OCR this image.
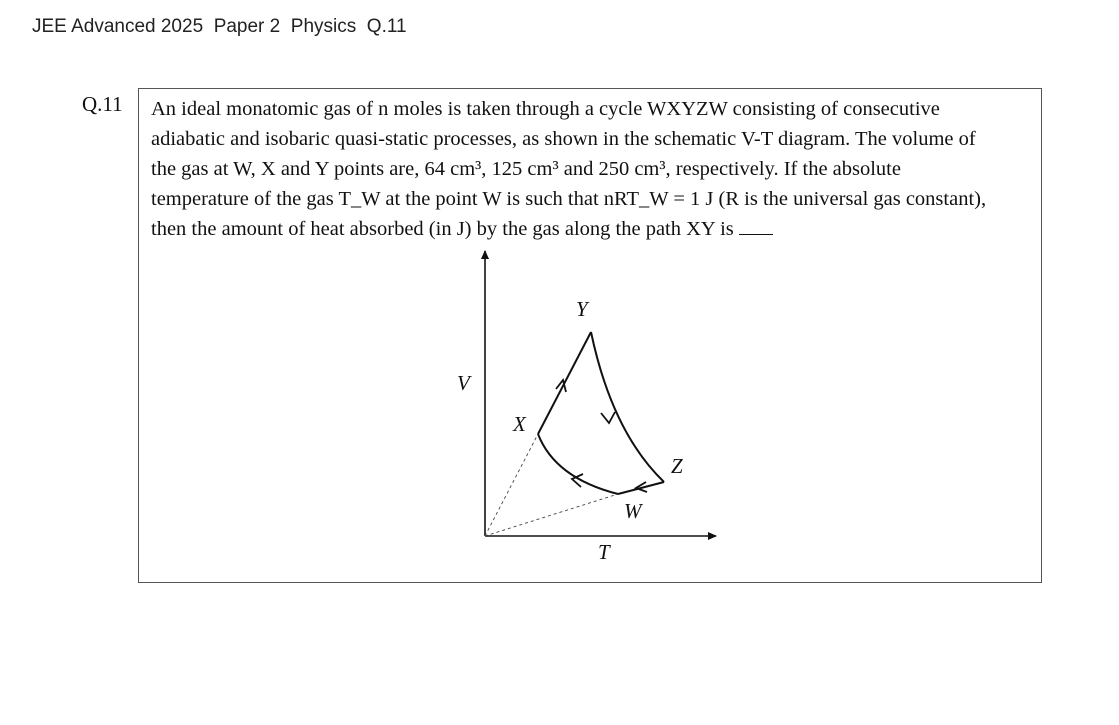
JEE Advanced 2025  Paper 2  Physics  Q.11
Q.11 An ideal monatomic gas of n moles is taken through a cycle WXYZW consisting of consecutive
adiabatic and isobaric quasi-static processes, as shown in the schematic V-T diagram. The volume of
the gas at W, X and Y points are, 64 cm³, 125 cm³ and 250 cm³, respectively. If the absolute
temperature of the gas T_W at the point W is such that nRT_W = 1 J (R is the universal gas constant),
then the amount of heat absorbed (in J) by the gas along the path XY is
V
T
Y
X
Z
W
